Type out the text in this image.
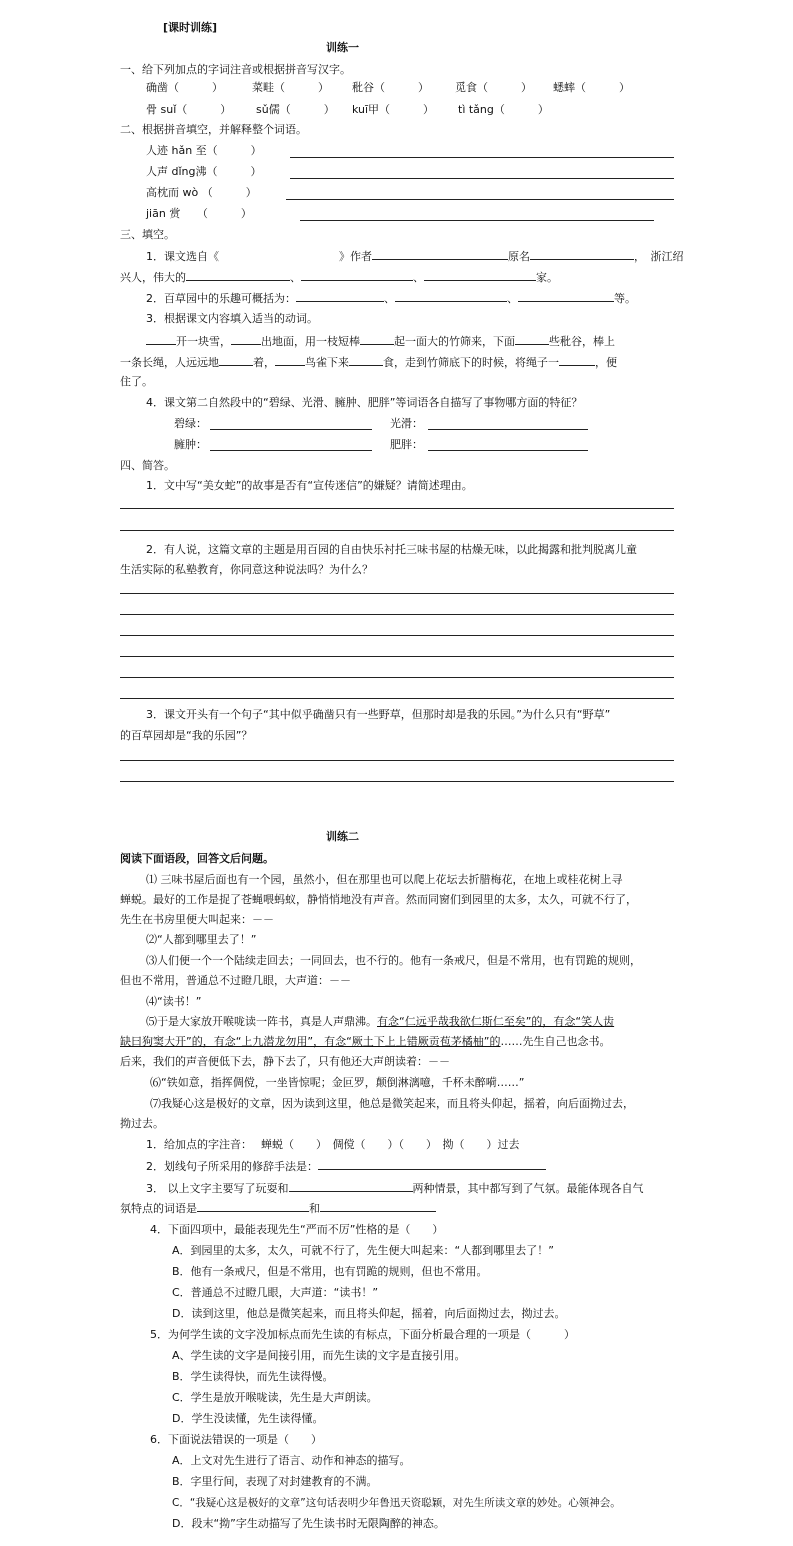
[课时训练]
训练一
一、给下列加点的字词注音或根据拼音写汉字。
确凿（　　　）	菜畦（　　　） 秕谷（　　　） 觅食（　　　） 蟋蟀（　　　）
骨 suǐ（　　　） sǔ儒（　　　） kuī甲（　　　） tì tǎng（　　　）
二、根据拼音填空，并解释整个词语。
人迹 hǎn 至（　　　）
人声 dǐng沸（　　　）
高枕而 wò （　　　）
jiān 赏　　（　　　）
三、填空。
1．课文选自《	》作者	原名	，　浙江绍
兴人，伟大的	、	、	家。
2．百草园中的乐趣可概括为：	、	、	等。
3．根据课文内容填入适当的动词。
开一块雪，	出地面，用一枝短棒	起一面大的竹筛来，下面	些秕谷，棒上
一条长绳，人远远地	着，	鸟雀下来	食，走到竹筛底下的时候，将绳子一	，便
住了。
4．课文第二自然段中的“碧绿、光滑、臃肿、肥胖”等词语各自描写了事物哪方面的特征？
碧绿：	光滑：
臃肿：	肥胖：
四、简答。
1．文中写“美女蛇”的故事是否有“宣传迷信”的嫌疑？请简述理由。
2．有人说，这篇文章的主题是用百园的自由快乐衬托三味书屋的枯燥无味，以此揭露和批判脱离儿童
生活实际的私塾教育，你同意这种说法吗？为什么？
3．课文开头有一个句子“其中似乎确凿只有一些野草，但那时却是我的乐园。”为什么只有“野草”
的百草园却是“我的乐园”？
训练二
阅读下面语段，回答文后问题。
⑴ 三味书屋后面也有一个园，虽然小，但在那里也可以爬上花坛去折腊梅花，在地上或桂花树上寻
蝉蜕。最好的工作是捉了苍蝇喂蚂蚁，静悄悄地没有声音。然而同窗们到园里的太多，太久，可就不行了，
先生在书房里便大叫起来：－－
⑵“人都到哪里去了！”
⑶人们便一个一个陆续走回去；一同回去，也不行的。他有一条戒尺，但是不常用，也有罚跪的规则，
但也不常用，普通总不过瞪几眼，大声道：－－
⑷“读书！”
⑸于是大家放开喉咙读一阵书，真是人声鼎沸。有念“仁远乎哉我欲仁斯仁至矣”的，有念“笑人齿
缺曰狗窦大开”的，有念“上九潜龙勿用”，有念“厥土下上上错厥贡苞茅橘柚”的……先生自己也念书。
后来，我们的声音便低下去，静下去了，只有他还大声朗读着：－－
⑹“铁如意，指挥倜傥，一坐皆惊呢；金叵罗，颠倒淋漓噫，千杯未醉嗬……”
⑺我疑心这是极好的文章，因为读到这里，他总是微笑起来，而且将头仰起，摇着，向后面拗过去，
拗过去。
1．给加点的字注音：　 蝉蜕（　　）　倜傥（　　）（　　）　拗（　　）过去
2．划线句子所采用的修辞手法是：
3． 以上文字主要写了玩耍和	两种情景，其中都写到了气氛。最能体现各自气
氛特点的词语是	和
4．下面四项中，最能表现先生“严而不厉”性格的是（　　）
A．到园里的太多，太久，可就不行了，先生便大叫起来：“人都到哪里去了！”
B．他有一条戒尺，但是不常用，也有罚跪的规则，但也不常用。
C．普通总不过瞪几眼，大声道：“读书！”
D．读到这里，他总是微笑起来，而且将头仰起，摇着，向后面拗过去，拗过去。
5．为何学生读的文字没加标点而先生读的有标点，下面分析最合理的一项是（　　　）
A、学生读的文字是间接引用，而先生读的文字是直接引用。
B．学生读得快，而先生读得慢。
C．学生是放开喉咙读，先生是大声朗读。
D．学生没读懂，先生读得懂。
6．下面说法错误的一项是（　　）
A．上文对先生进行了语言、动作和神态的描写。
B．字里行间，表现了对封建教育的不满。
C．“我疑心这是极好的文章”这句话表明少年鲁迅天资聪颖，对先生所读文章的妙处。心领神会。
D．段末“拗”字生动描写了先生读书时无限陶醉的神态。
